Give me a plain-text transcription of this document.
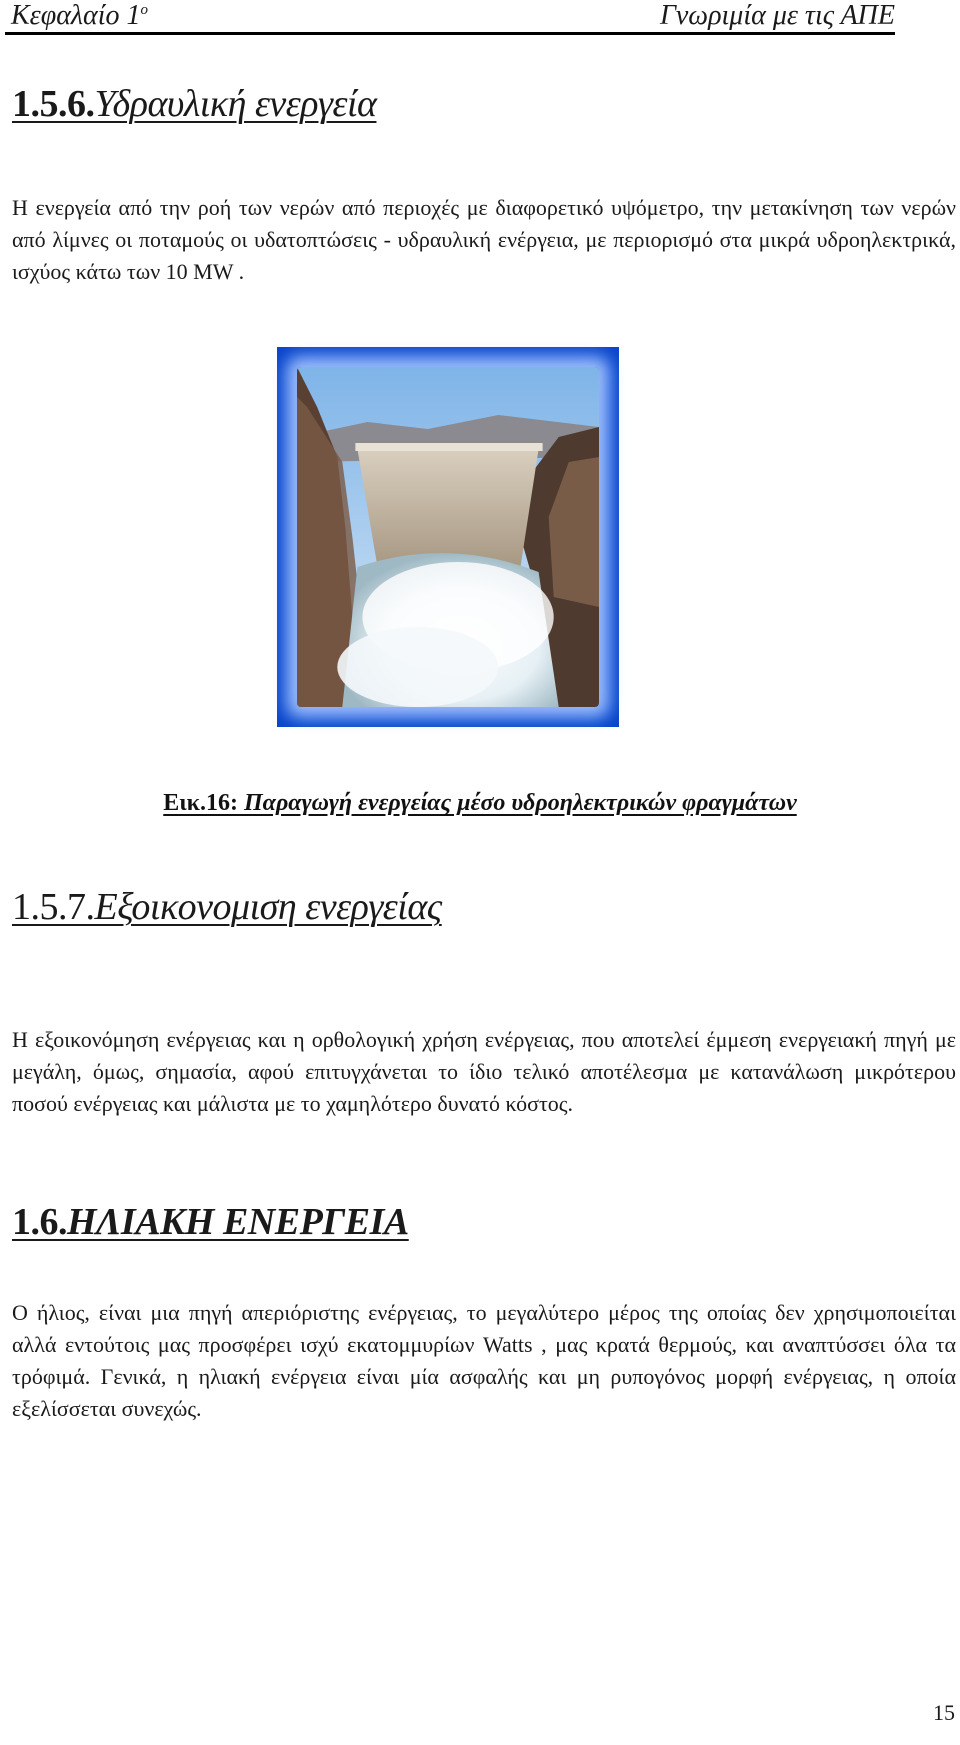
Κεφαλαίο $1^o$	Γνωριμία με τις ΑΠΕ
1.5.6.Υδραυλική ενεργεία
Η ενεργεία από την ροή των νερών από περιοχές με διαφορετικό υψόμετρο, την μετακίνηση των νερών από λίμνες οι ποταμούς οι υδατοπτώσεις - υδραυλική ενέργεια, με περιορισμό στα μικρά υδροηλεκτρικά, ισχύος κάτω των 10 MW .
Εικ.16: Παραγωγή ενεργείας μέσο υδροηλεκτρικών φραγμάτων
1.5.7.Εξοικονομιση ενεργείας
Η εξοικονόμηση ενέργειας και η ορθολογική χρήση ενέργειας, που αποτελεί έμμεση ενεργειακή πηγή με μεγάλη, όμως, σημασία, αφού επιτυγχάνεται το ίδιο τελικό αποτέλεσμα με κατανάλωση μικρότερου ποσού ενέργειας και μάλιστα με το χαμηλότερο δυνατό κόστος.
1.6.ΗΛΙΑΚΗ ΕΝΕΡΓΕΙΑ
Ο ήλιος, είναι μια πηγή απεριόριστης ενέργειας, το μεγαλύτερο μέρος της οποίας δεν χρησιμοποιείται αλλά εντούτοις μας προσφέρει ισχύ εκατομμυρίων Watts , μας κρατά θερμούς, και αναπτύσσει όλα τα τρόφιμά. Γενικά, η ηλιακή ενέργεια είναι μία ασφαλής και μη ρυπογόνος μορφή ενέργειας, η οποία εξελίσσεται συνεχώς.
15
